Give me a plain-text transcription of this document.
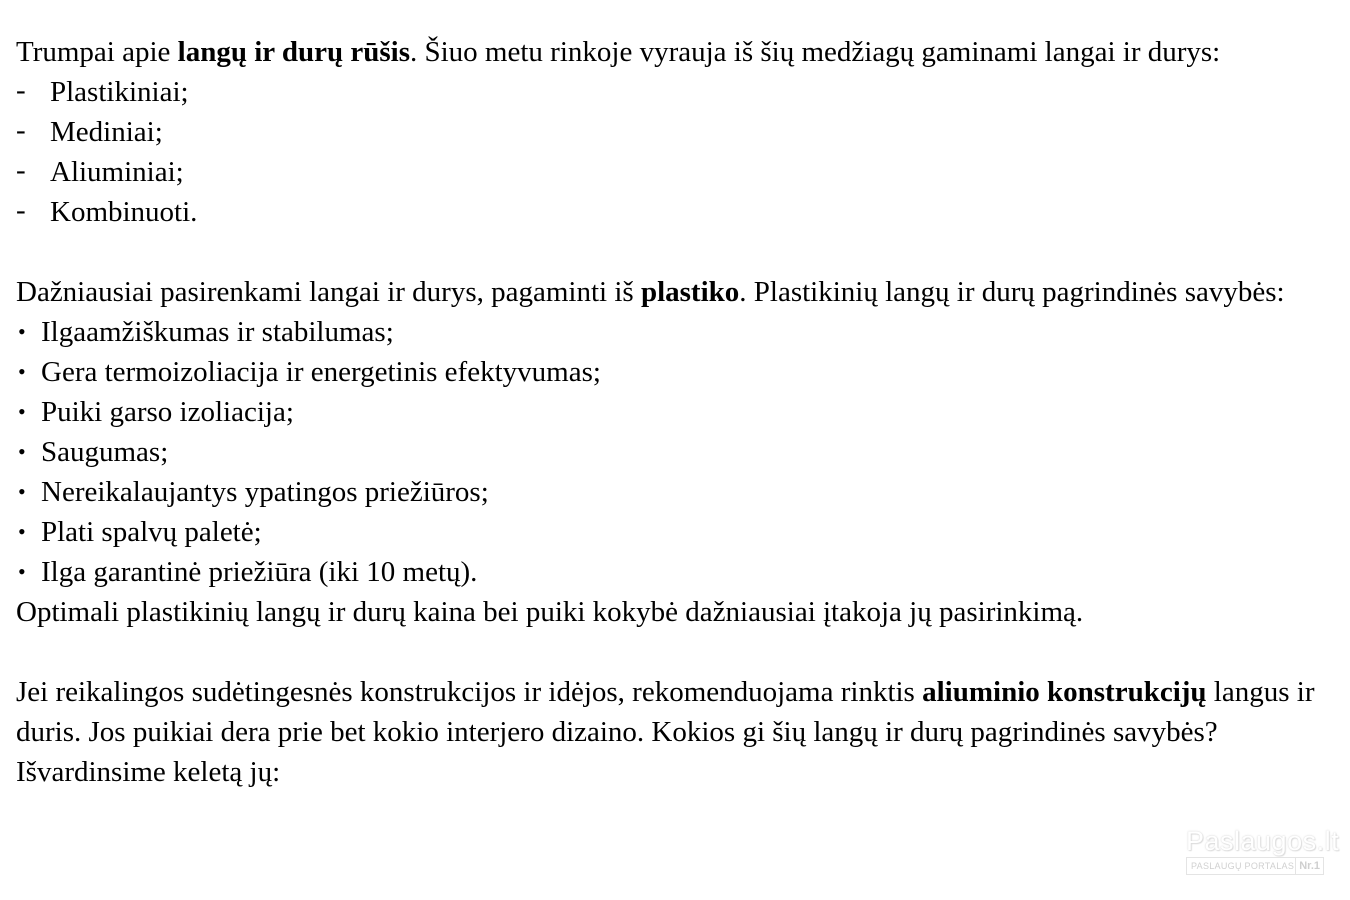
Trumpai apie langų ir durų rūšis. Šiuo metu rinkoje vyrauja iš šių medžiagų gaminami langai ir durys:

- Plastikiniai;
- Mediniai;
- Aliuminiai;
- Kombinuoti.

Dažniausiai pasirenkami langai ir durys, pagaminti iš plastiko. Plastikinių langų ir durų pagrindinės savybės:

• Ilgaamžiškumas ir stabilumas;
• Gera termoizoliacija ir energetinis efektyvumas;
• Puiki garso izoliacija;
• Saugumas;
• Nereikalaujantys ypatingos priežiūros;
• Plati spalvų paletė;
• Ilga garantinė priežiūra (iki 10 metų).

Optimali plastikinių langų ir durų kaina bei puiki kokybė dažniausiai įtakoja jų pasirinkimą.

Jei reikalingos sudėtingesnės konstrukcijos ir idėjos, rekomenduojama rinktis aliuminio konstrukcijų langus ir duris. Jos puikiai dera prie bet kokio interjero dizaino. Kokios gi šių langų ir durų pagrindinės savybės? Išvardinsime keletą jų:

Paslaugos.lt
PASLAUGŲ PORTALAS Nr.1
